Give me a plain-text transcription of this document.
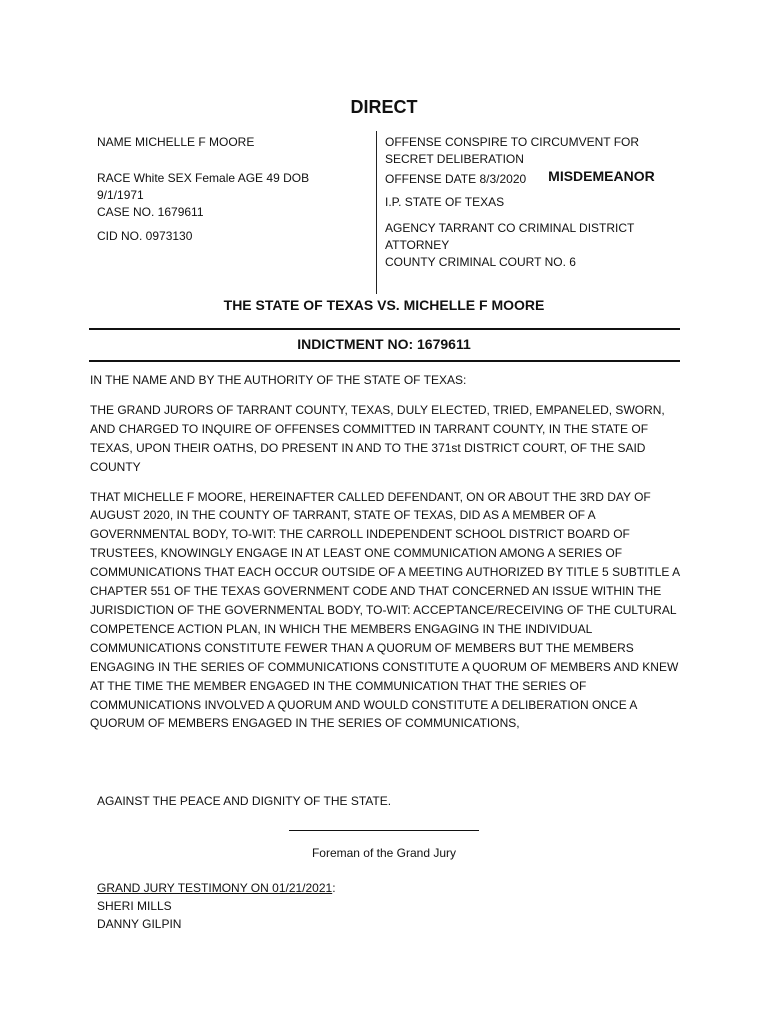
DIRECT

NAME MICHELLE F MOORE

RACE White SEX Female AGE 49 DOB 9/1/1971

CASE NO. 1679611

CID NO. 0973130

OFFENSE CONSPIRE TO CIRCUMVENT FOR SECRET DELIBERATION

OFFENSE DATE 8/3/2020 MISDEMEANOR

I.P. STATE OF TEXAS

AGENCY TARRANT CO CRIMINAL DISTRICT ATTORNEY

COUNTY CRIMINAL COURT NO. 6

THE STATE OF TEXAS VS. MICHELLE F MOORE
INDICTMENT NO: 1679611

IN THE NAME AND BY THE AUTHORITY OF THE STATE OF TEXAS:

THE GRAND JURORS OF TARRANT COUNTY, TEXAS, DULY ELECTED, TRIED, EMPANELED, SWORN, AND CHARGED TO INQUIRE OF OFFENSES COMMITTED IN TARRANT COUNTY, IN THE STATE OF TEXAS, UPON THEIR OATHS, DO PRESENT IN AND TO THE 371st DISTRICT COURT, OF THE SAID COUNTY

THAT MICHELLE F MOORE, HEREINAFTER CALLED DEFENDANT, ON OR ABOUT THE 3RD DAY OF AUGUST 2020, IN THE COUNTY OF TARRANT, STATE OF TEXAS, DID AS A MEMBER OF A GOVERNMENTAL BODY, TO-WIT: THE CARROLL INDEPENDENT SCHOOL DISTRICT BOARD OF TRUSTEES, KNOWINGLY ENGAGE IN AT LEAST ONE COMMUNICATION AMONG A SERIES OF COMMUNICATIONS THAT EACH OCCUR OUTSIDE OF A MEETING AUTHORIZED BY TITLE 5 SUBTITLE A CHAPTER 551 OF THE TEXAS GOVERNMENT CODE AND THAT CONCERNED AN ISSUE WITHIN THE JURISDICTION OF THE GOVERNMENTAL BODY, TO-WIT: ACCEPTANCE/RECEIVING OF THE CULTURAL COMPETENCE ACTION PLAN, IN WHICH THE MEMBERS ENGAGING IN THE INDIVIDUAL COMMUNICATIONS CONSTITUTE FEWER THAN A QUORUM OF MEMBERS BUT THE MEMBERS ENGAGING IN THE SERIES OF COMMUNICATIONS CONSTITUTE A QUORUM OF MEMBERS AND KNEW AT THE TIME THE MEMBER ENGAGED IN THE COMMUNICATION THAT THE SERIES OF COMMUNICATIONS INVOLVED A QUORUM AND WOULD CONSTITUTE A DELIBERATION ONCE A QUORUM OF MEMBERS ENGAGED IN THE SERIES OF COMMUNICATIONS,

AGAINST THE PEACE AND DIGNITY OF THE STATE.
Foreman of the Grand Jury
GRAND JURY TESTIMONY ON 01/21/2021:
SHERI MILLS
DANNY GILPIN
